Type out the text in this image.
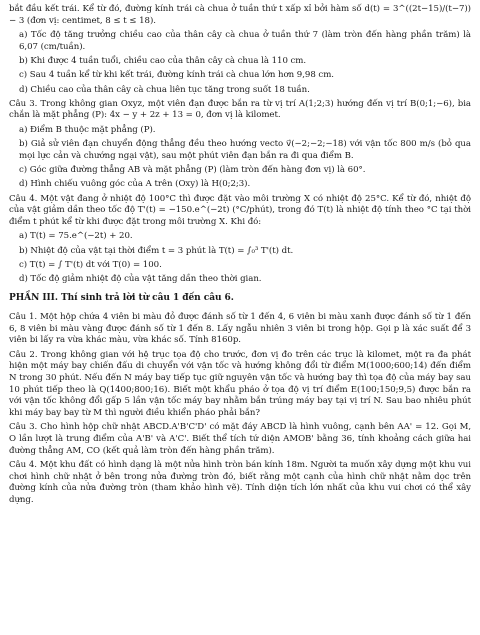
bắt đầu kết trái. Kể từ đó, đường kính trái cà chua ở tuần thứ t xấp xỉ bởi hàm số d(t) = 3^((2t−15)/(t−7)) − 3 (đơn vị: centimet, 8 ≤ t ≤ 18).

a) Tốc độ tăng trưởng chiều cao của thân cây cà chua ở tuần thứ 7 (làm tròn đến hàng phần trăm) là 6,07 (cm/tuần).

b) Khi được 4 tuần tuổi, chiều cao của thân cây cà chua là 110 cm.

c) Sau 4 tuần kể từ khi kết trái, đường kính trái cà chua lớn hơn 9,98 cm.

d) Chiều cao của thân cây cà chua liên tục tăng trong suốt 18 tuần.

Câu 3. Trong không gian Oxyz, một viên đạn được bắn ra từ vị trí A(1;2;3) hướng đến vị trí B(0;1;−6), bia chắn là mặt phẳng (P): 4x − y + 2z + 13 = 0, đơn vị là kilomet.

a) Điểm B thuộc mặt phẳng (P).

b) Giả sử viên đạn chuyển động thẳng đều theo hướng vecto v⃗(−2;−2;−18) với vận tốc 800 m/s (bỏ qua mọi lực cản và chướng ngại vật), sau một phút viên đạn bắn ra đi qua điểm B.

c) Góc giữa đường thẳng AB và mặt phẳng (P) (làm tròn đến hàng đơn vị) là 60°.

d) Hình chiếu vuông góc của A trên (Oxy) là H(0;2;3).

Câu 4. Một vật đang ở nhiệt độ 100°C thì được đặt vào môi trường X có nhiệt độ 25°C. Kể từ đó, nhiệt độ của vật giảm dần theo tốc độ T'(t) = −150.e^(−2t) (°C/phút), trong đó T(t) là nhiệt độ tính theo °C tại thời điểm t phút kể từ khi được đặt trong môi trường X. Khi đó:

a) T(t) = 75.e^(−2t) + 20.

b) Nhiệt độ của vật tại thời điểm t = 3 phút là T(t) = ∫₀³ T'(t) dt.

c) T(t) = ∫ T'(t) dt với T(0) = 100.

d) Tốc độ giảm nhiệt độ của vật tăng dần theo thời gian.

PHẦN III. Thí sinh trả lời từ câu 1 đến câu 6.

Câu 1. Một hộp chứa 4 viên bi màu đỏ được đánh số từ 1 đến 4, 6 viên bi màu xanh được đánh số từ 1 đến 6, 8 viên bi màu vàng được đánh số từ 1 đến 8. Lấy ngẫu nhiên 3 viên bi trong hộp. Gọi p là xác suất để 3 viên bi lấy ra vừa khác màu, vừa khác số. Tính 8160p.

Câu 2. Trong không gian với hệ trục tọa độ cho trước, đơn vị đo trên các trục là kilomet, một ra đa phát hiện một máy bay chiến đấu di chuyển với vận tốc và hướng không đổi từ điểm M(1000;600;14) đến điểm N trong 30 phút. Nếu đến N máy bay tiếp tục giữ nguyên vận tốc và hướng bay thì tọa độ của máy bay sau 10 phút tiếp theo là Q(1400;800;16). Biết một khẩu pháo ở tọa độ vị trí điểm E(100;150;9,5) được bắn ra với vận tốc không đổi gấp 5 lần vận tốc máy bay nhằm bắn trúng máy bay tại vị trí N. Sau bao nhiêu phút khi máy bay bay từ M thì người điều khiển pháo phải bắn?

Câu 3. Cho hình hộp chữ nhật ABCD.A'B'C'D' có mặt đáy ABCD là hình vuông, cạnh bên AA' = 12. Gọi M, O lần lượt là trung điểm của A'B' và A'C'. Biết thể tích tứ diện AMOB' bằng 36, tính khoảng cách giữa hai đường thẳng AM, CO (kết quả làm tròn đến hàng phần trăm).

Câu 4. Một khu đất có hình dạng là một nửa hình tròn bán kính 18m. Người ta muốn xây dựng một khu vui chơi hình chữ nhật ở bên trong nửa đường tròn đó, biết rằng một cạnh của hình chữ nhật nằm dọc trên đường kính của nửa đường tròn (tham khảo hình vẽ). Tính diện tích lớn nhất của khu vui chơi có thể xây dựng.
